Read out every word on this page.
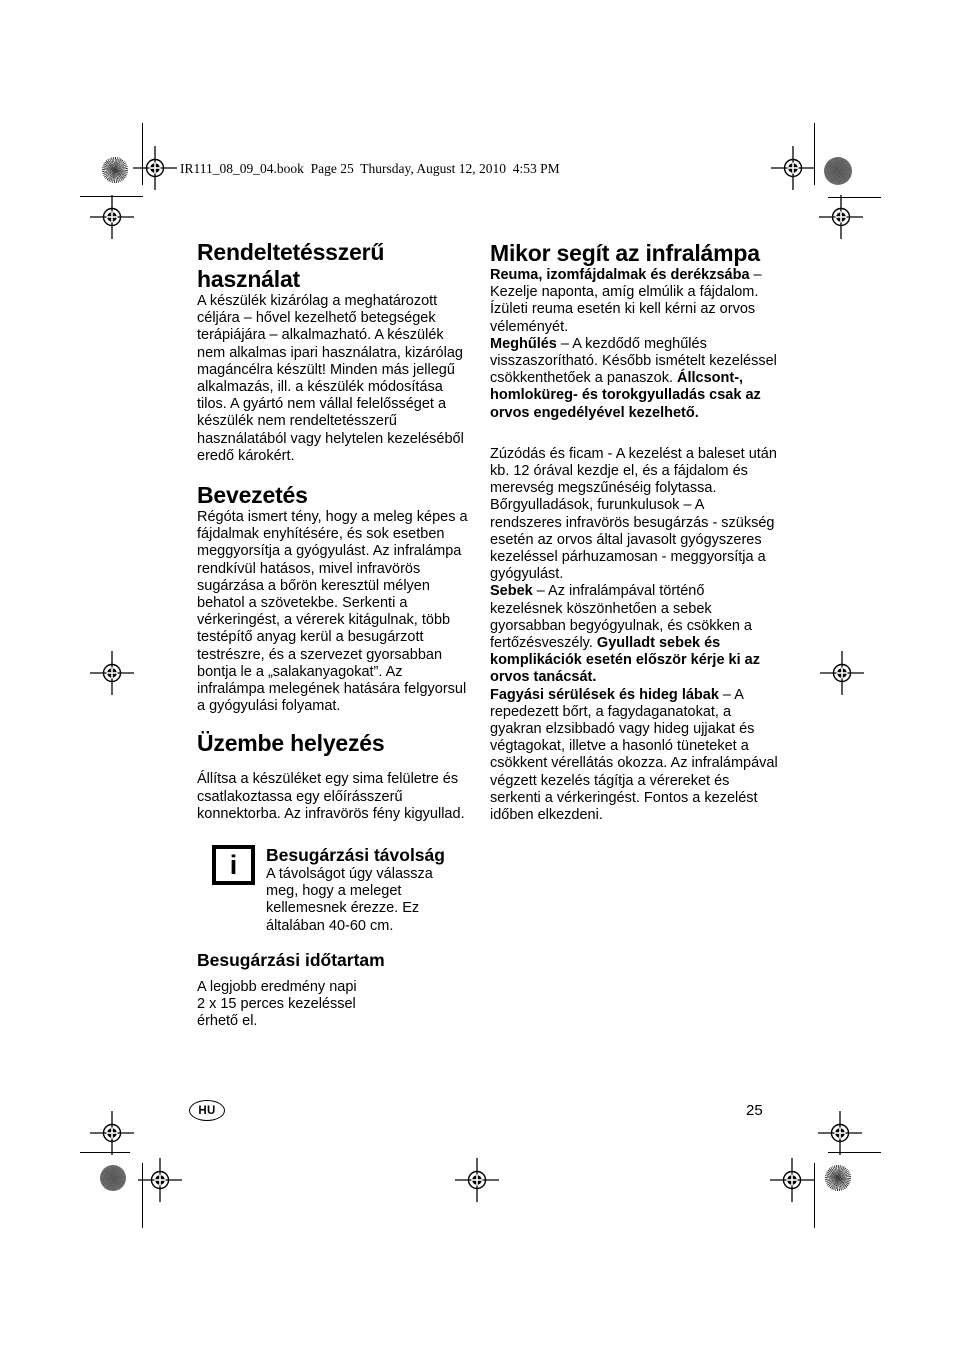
IR111_08_09_04.book  Page 25  Thursday, August 12, 2010  4:53 PM
Rendeltetésszerű használat

A készülék kizárólag a meghatározott céljára – hővel kezelhető betegségek terápiájára – alkalmazható. A készülék nem alkalmas ipari használatra, kizárólag magáncélra készült! Minden más jellegű alkalmazás, ill. a készülék módosítása tilos. A gyártó nem vállal felelősséget a készülék nem rendeltetésszerű használatából vagy helytelen kezeléséből eredő károkért.

Bevezetés

Régóta ismert tény, hogy a meleg képes a fájdalmak enyhítésére, és sok esetben meggyorsítja a gyógyulást. Az infralámpa rendkívül hatásos, mivel infravörös sugárzása a bőrön keresztül mélyen behatol a szövetekbe. Serkenti a vérkeringést, a vérerek kitágulnak, több testépítő anyag kerül a besugárzott testrészre, és a szervezet gyorsabban bontja le a „salakanyagokat”. Az infralámpa melegének hatására felgyorsul a gyógyulási folyamat.

Üzembe helyezés

Állítsa a készüléket egy sima felületre és csatlakoztassa egy előírásszerű konnektorba. Az infravörös fény kigyullad.

i	Besugárzási távolság

A távolságot úgy válassza meg, hogy a meleget kellemesnek érezze. Ez általában 40-60 cm.

Besugárzási időtartam

A legjobb eredmény napi 2 x 15 perces kezeléssel érhető el.

Mikor segít az infralámpa

Reuma, izomfájdalmak és derékzsába – Kezelje naponta, amíg elmúlik a fájdalom. Ízületi reuma esetén ki kell kérni az orvos véleményét.

Meghűlés – A kezdődő meghűlés visszaszorítható. Később ismételt kezeléssel csökkenthetőek a panaszok. Állcsont-, homloküreg- és torokgyulladás csak az orvos engedélyével kezelhető.

Zúzódás és ficam - A kezelést a baleset után kb. 12 órával kezdje el, és a fájdalom és merevség megszűnéséig folytassa.

Bőrgyulladások, furunkulusok – A rendszeres infravörös besugárzás - szükség esetén az orvos által javasolt gyógyszeres kezeléssel párhuzamosan - meggyorsítja a gyógyulást.

Sebek – Az infralámpával történő kezelésnek köszönhetően a sebek gyorsabban begyógyulnak, és csökken a fertőzésveszély. Gyulladt sebek és komplikációk esetén először kérje ki az orvos tanácsát.

Fagyási sérülések és hideg lábak – A repedezett bőrt, a fagydaganatokat, a gyakran elzsibbadó vagy hideg ujjakat és végtagokat, illetve a hasonló tüneteket a csökkent vérellátás okozza. Az infralámpával végzett kezelés tágítja a vérereket és serkenti a vérkeringést. Fontos a kezelést időben elkezdeni.

HU	25
